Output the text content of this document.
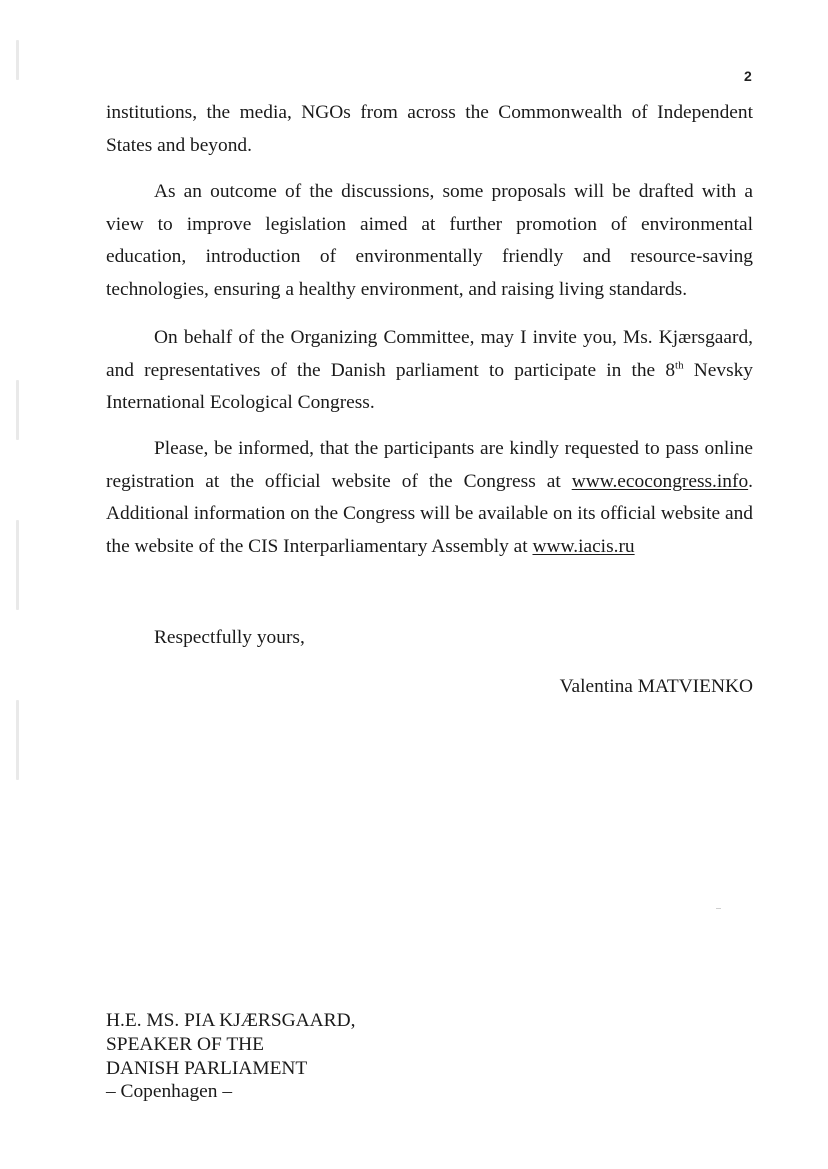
2

institutions, the media, NGOs from across the Commonwealth of Independent States and beyond.

As an outcome of the discussions, some proposals will be drafted with a view to improve legislation aimed at further promotion of environmental education, introduction of environmentally friendly and resource-saving technologies, ensuring a healthy environment, and raising living standards.

On behalf of the Organizing Committee, may I invite you, Ms. Kjærsgaard, and representatives of the Danish parliament to participate in the 8th Nevsky International Ecological Congress.

Please, be informed, that the participants are kindly requested to pass online registration at the official website of the Congress at www.ecocongress.info. Additional information on the Congress will be available on its official website and the website of the CIS Interparliamentary Assembly at www.iacis.ru

Respectfully yours,
Valentina MATVIENKO
H.E. MS. PIA KJÆRSGAARD,
SPEAKER OF THE
DANISH PARLIAMENT
– Copenhagen –
